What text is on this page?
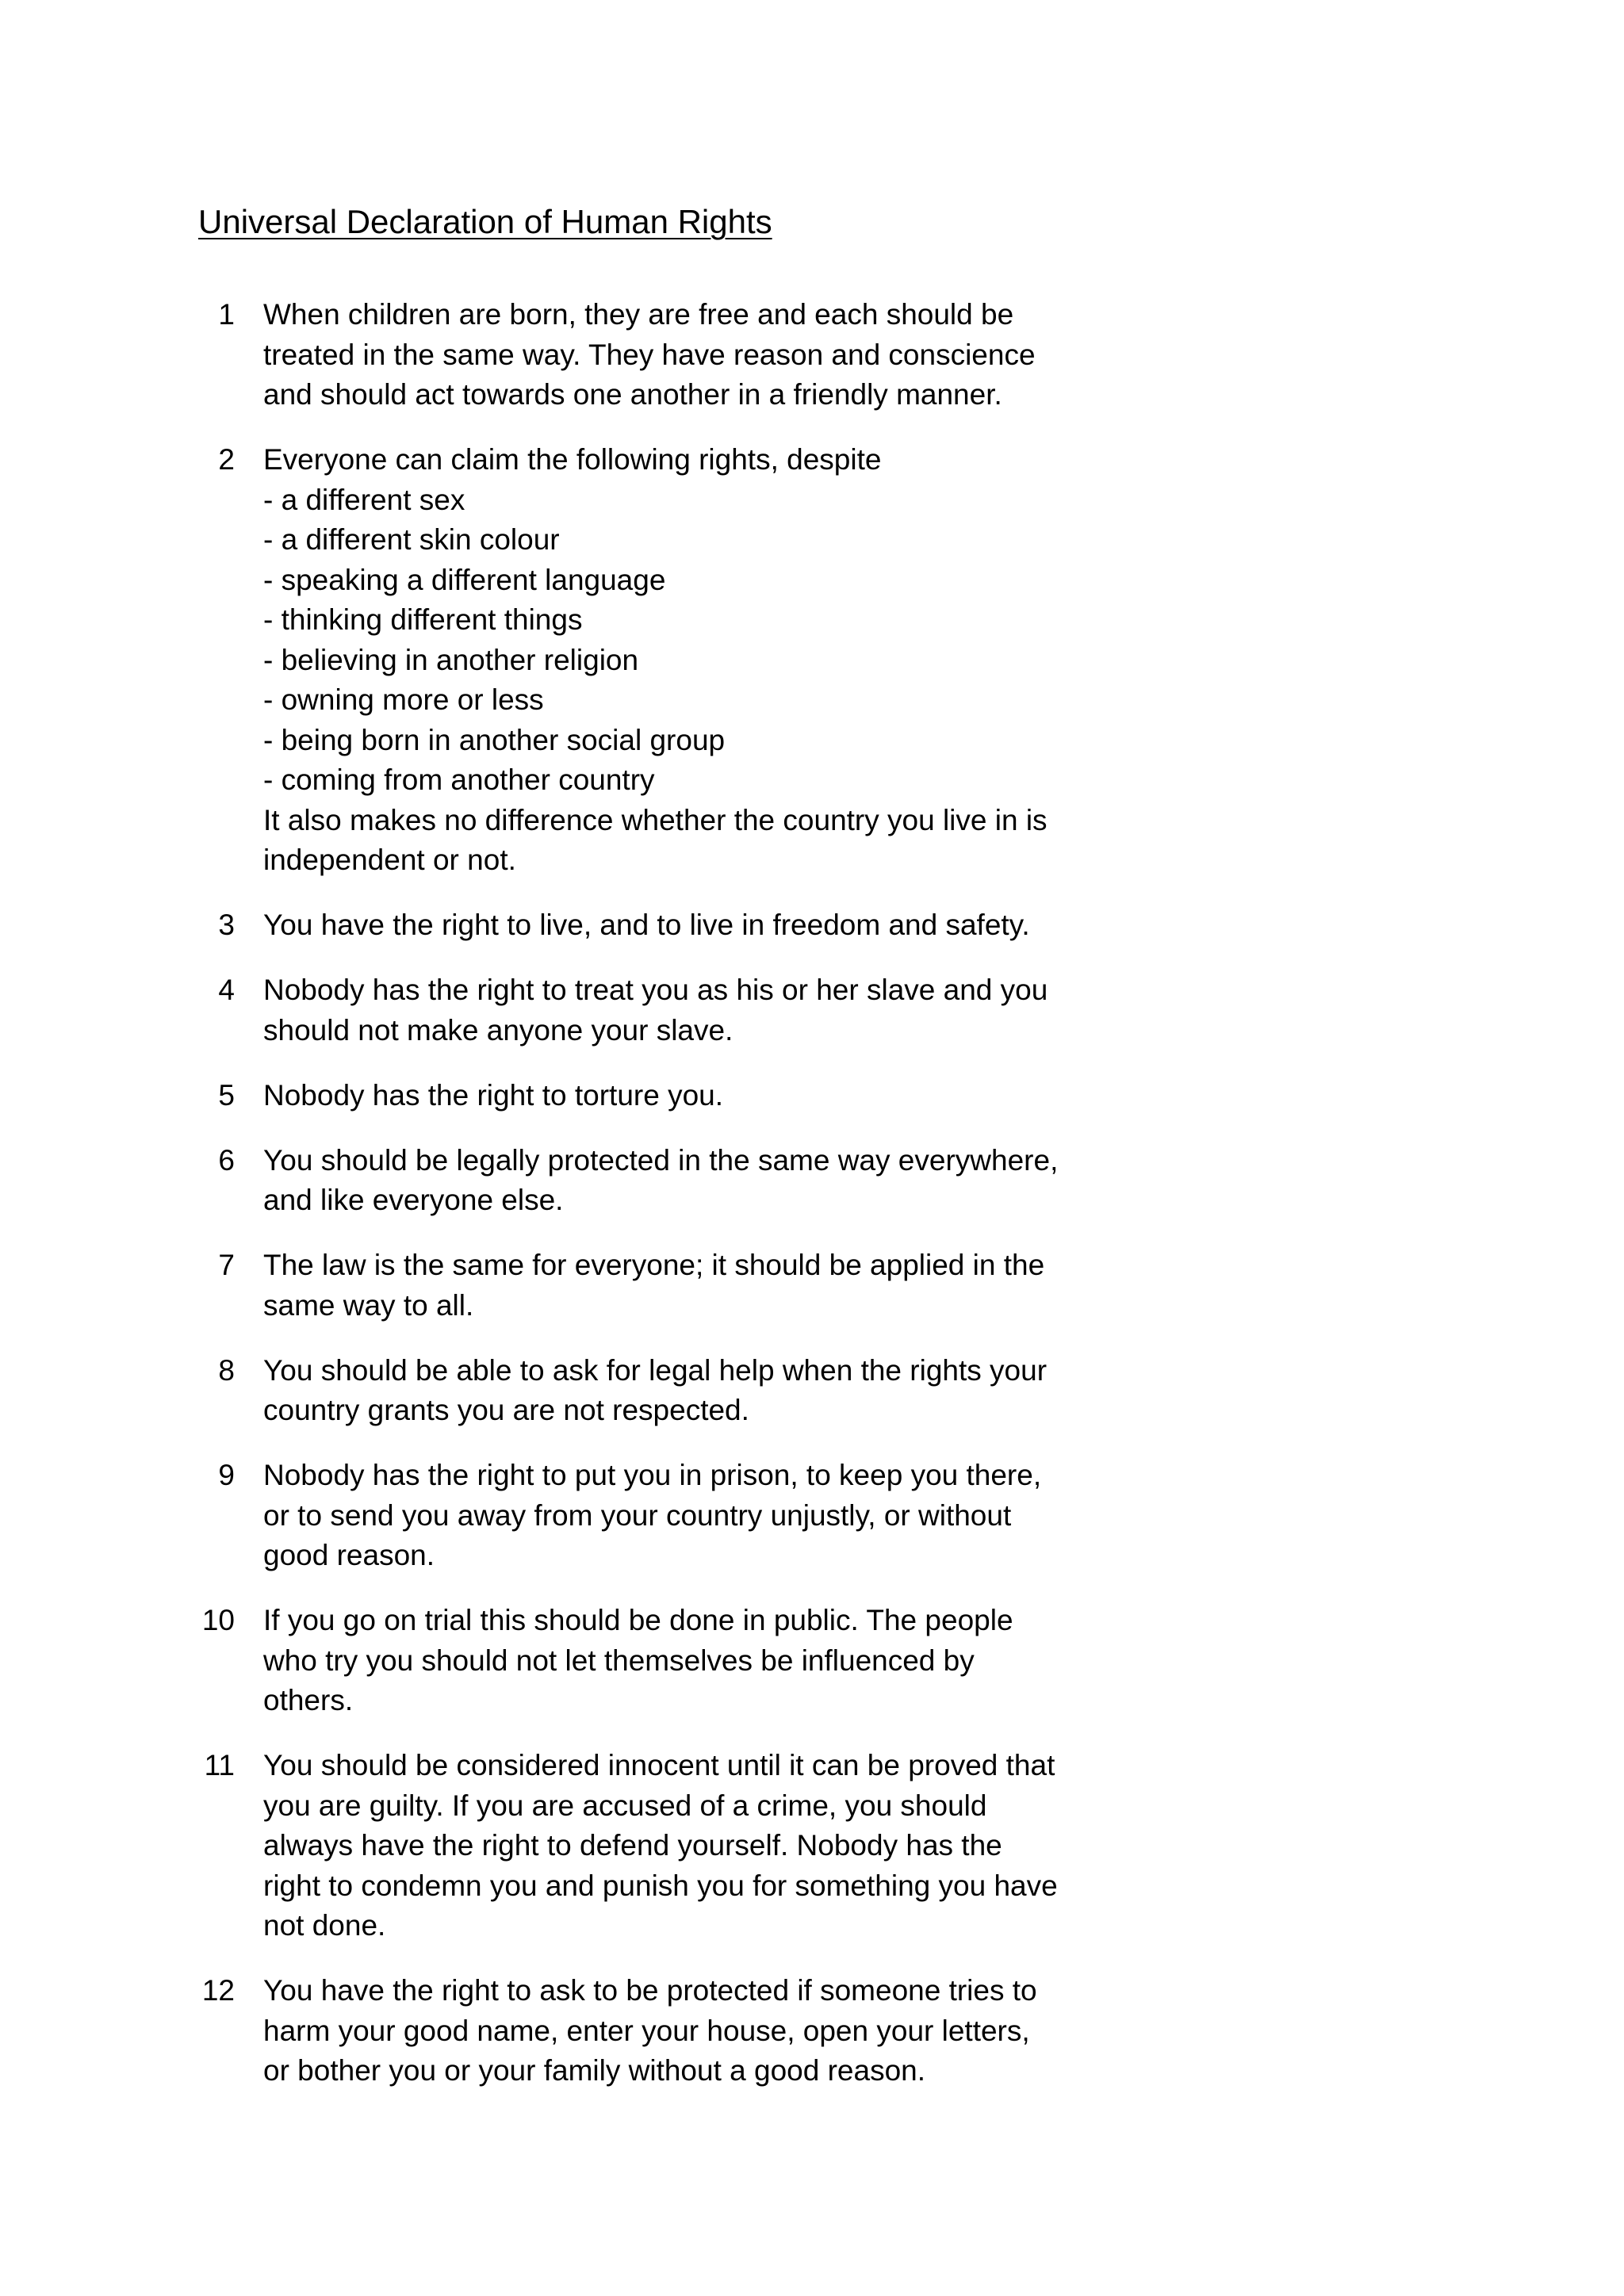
Universal Declaration of Human Rights
1 When children are born, they are free and each should be
treated in the same way. They have reason and conscience
and should act towards one another in a friendly manner.
2 Everyone can claim the following rights, despite
- a different sex
- a different skin colour
- speaking a different language
- thinking different things
- believing in another religion
- owning more or less
- being born in another social group
- coming from another country
It also makes no difference whether the country you live in is
independent or not.
3 You have the right to live, and to live in freedom and safety.
4 Nobody has the right to treat you as his or her slave and you
should not make anyone your slave.
5 Nobody has the right to torture you.
6 You should be legally protected in the same way everywhere,
and like everyone else.
7 The law is the same for everyone; it should be applied in the
same way to all.
8 You should be able to ask for legal help when the rights your
country grants you are not respected.
9 Nobody has the right to put you in prison, to keep you there,
or to send you away from your country unjustly, or without
good reason.
10 If you go on trial this should be done in public. The people
who try you should not let themselves be influenced by
others.
11 You should be considered innocent until it can be proved that
you are guilty. If you are accused of a crime, you should
always have the right to defend yourself. Nobody has the
right to condemn you and punish you for something you have
not done.
12 You have the right to ask to be protected if someone tries to
harm your good name, enter your house, open your letters,
or bother you or your family without a good reason.
